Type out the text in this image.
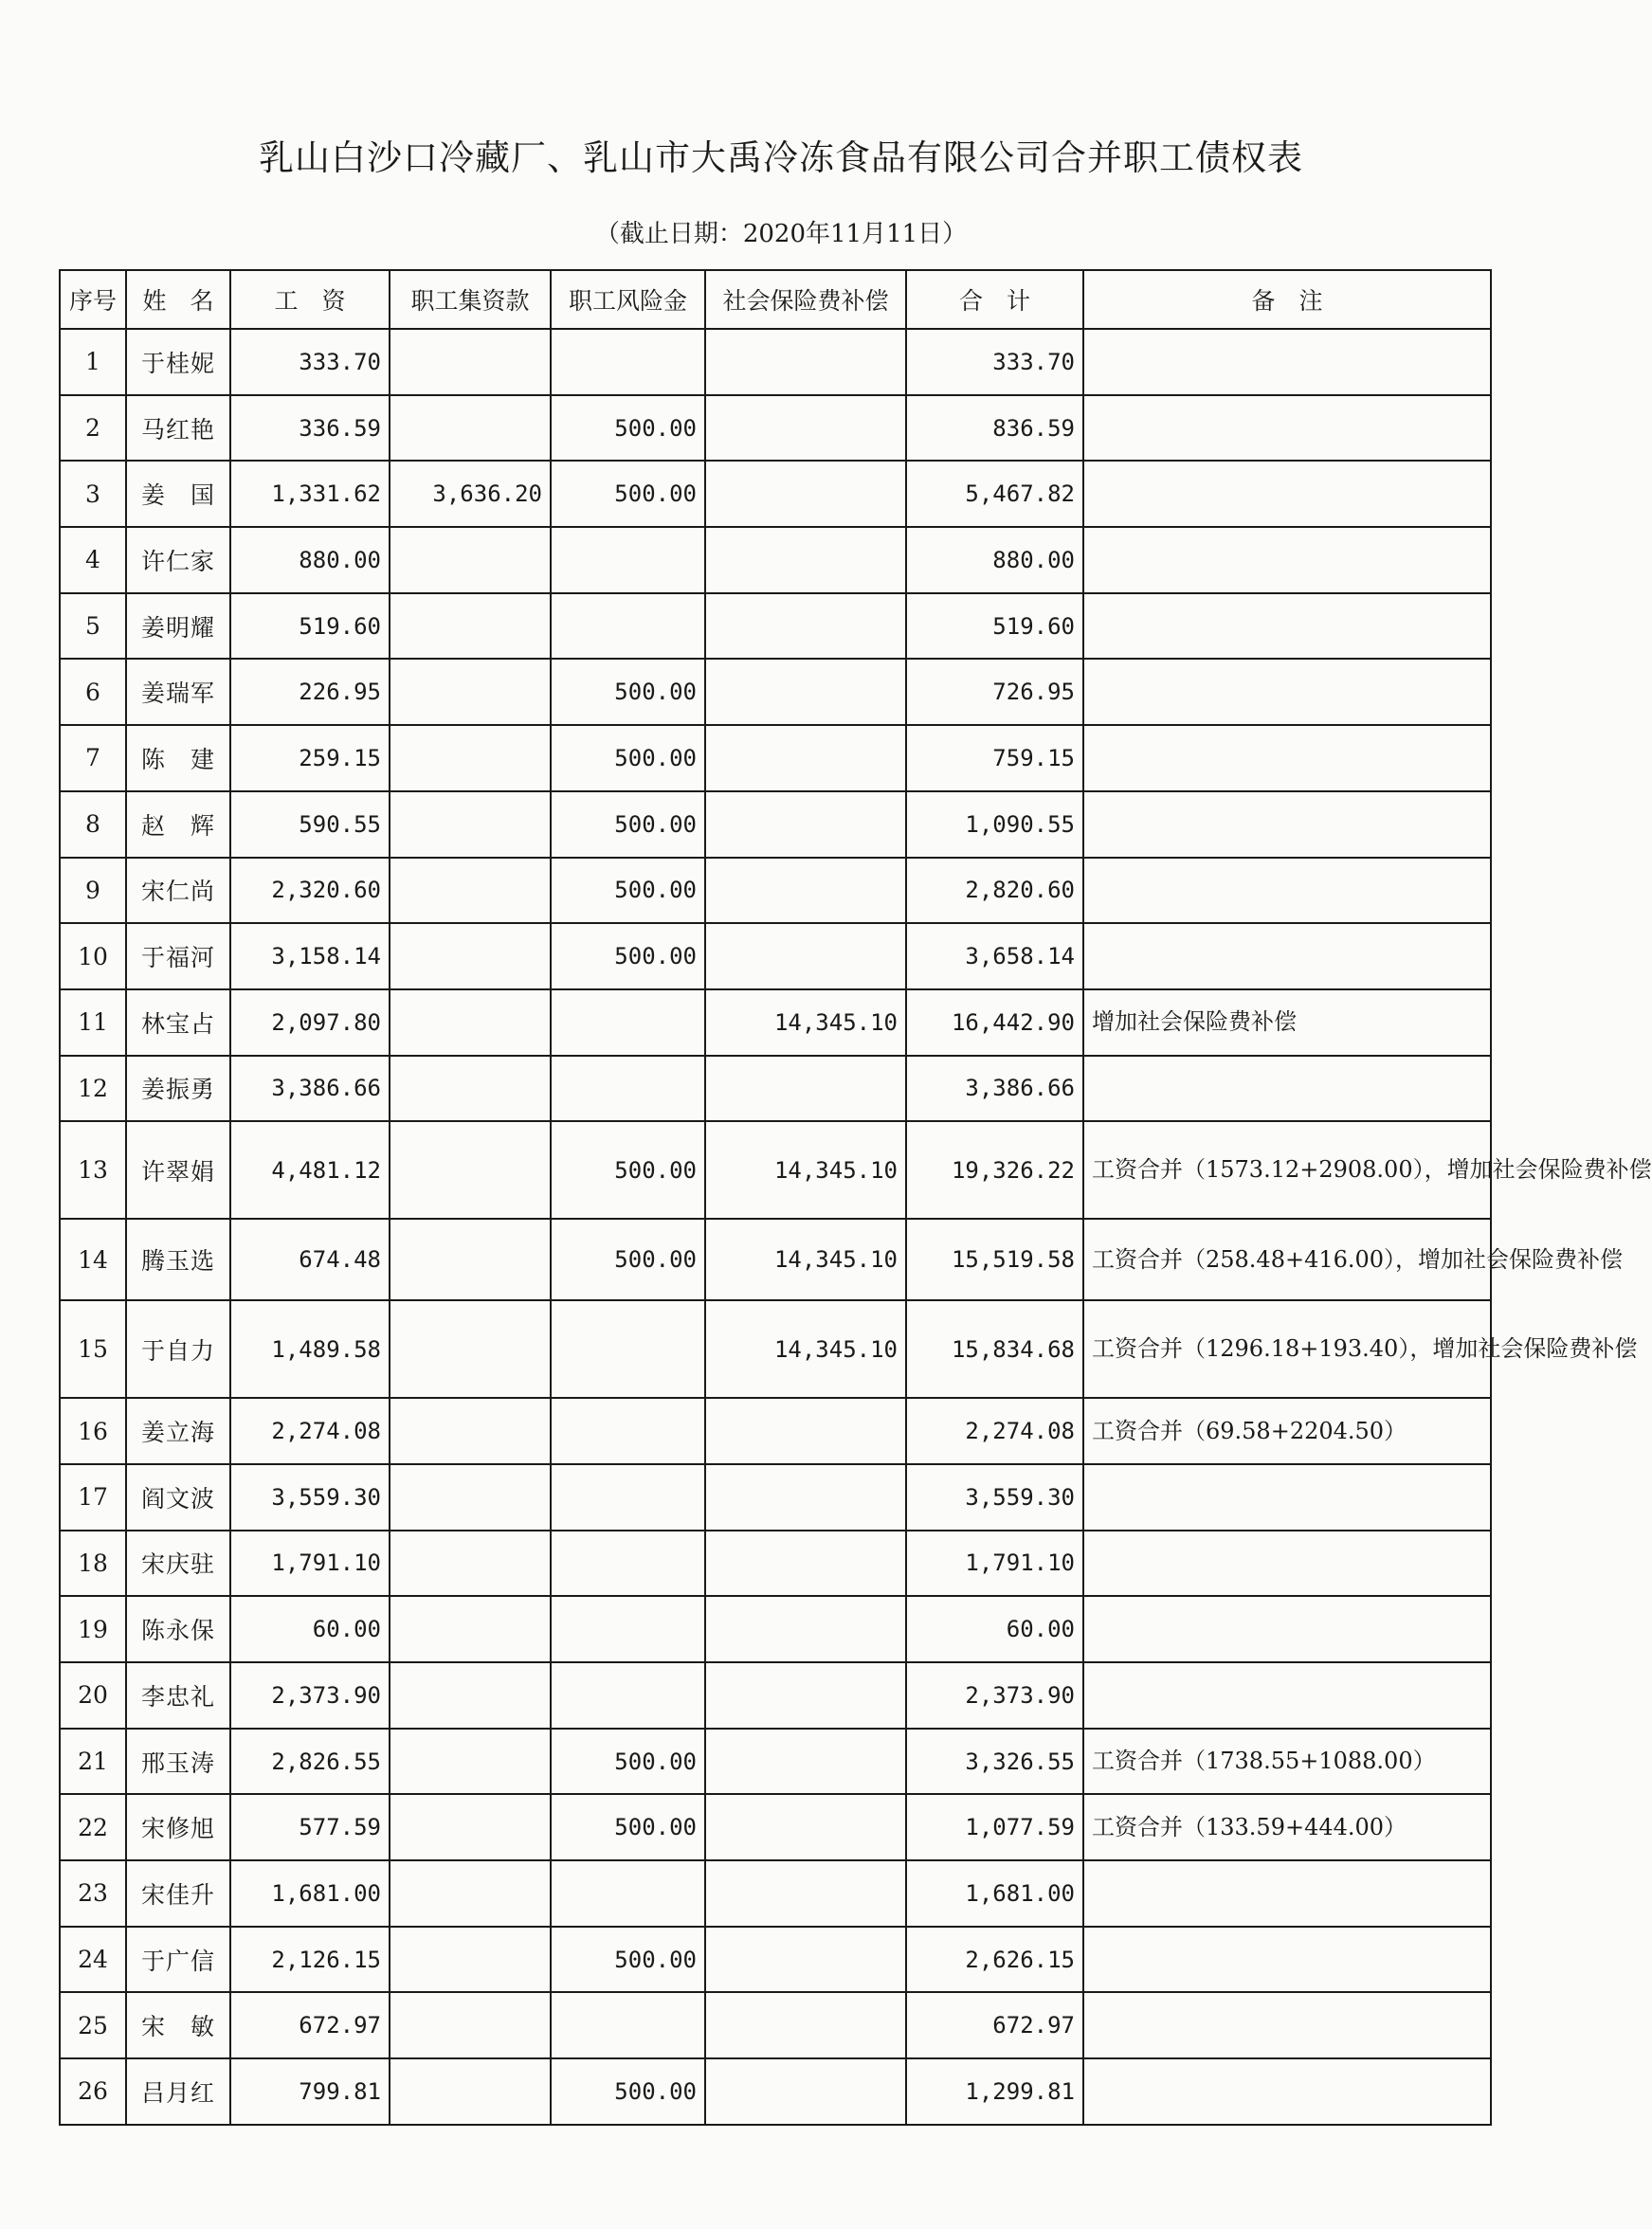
乳山白沙口冷藏厂、乳山市大禹冷冻食品有限公司合并职工债权表
（截止日期：2020年11月11日）
序号	姓　名	工　资	职工集资款	职工风险金	社会保险费补偿	合　计	备　注
1	于桂妮	333.70				333.70	
2	马红艳	336.59		500.00		836.59	
3	姜　国	1,331.62	3,636.20	500.00		5,467.82	
4	许仁家	880.00				880.00	
5	姜明耀	519.60				519.60	
6	姜瑞军	226.95		500.00		726.95	
7	陈　建	259.15		500.00		759.15	
8	赵　辉	590.55		500.00		1,090.55	
9	宋仁尚	2,320.60		500.00		2,820.60	
10	于福河	3,158.14		500.00		3,658.14	
11	林宝占	2,097.80			14,345.10	16,442.90	增加社会保险费补偿
12	姜振勇	3,386.66				3,386.66	
13	许翠娟	4,481.12		500.00	14,345.10	19,326.22	工资合并（1573.12+2908.00），增加社会保险费补偿
14	腾玉选	674.48		500.00	14,345.10	15,519.58	工资合并（258.48+416.00），增加社会保险费补偿
15	于自力	1,489.58			14,345.10	15,834.68	工资合并（1296.18+193.40），增加社会保险费补偿
16	姜立海	2,274.08				2,274.08	工资合并（69.58+2204.50）
17	阎文波	3,559.30				3,559.30	
18	宋庆驻	1,791.10				1,791.10	
19	陈永保	60.00				60.00	
20	李忠礼	2,373.90				2,373.90	
21	邢玉涛	2,826.55		500.00		3,326.55	工资合并（1738.55+1088.00）
22	宋修旭	577.59		500.00		1,077.59	工资合并（133.59+444.00）
23	宋佳升	1,681.00				1,681.00	
24	于广信	2,126.15		500.00		2,626.15	
25	宋　敏	672.97				672.97	
26	吕月红	799.81		500.00		1,299.81	
